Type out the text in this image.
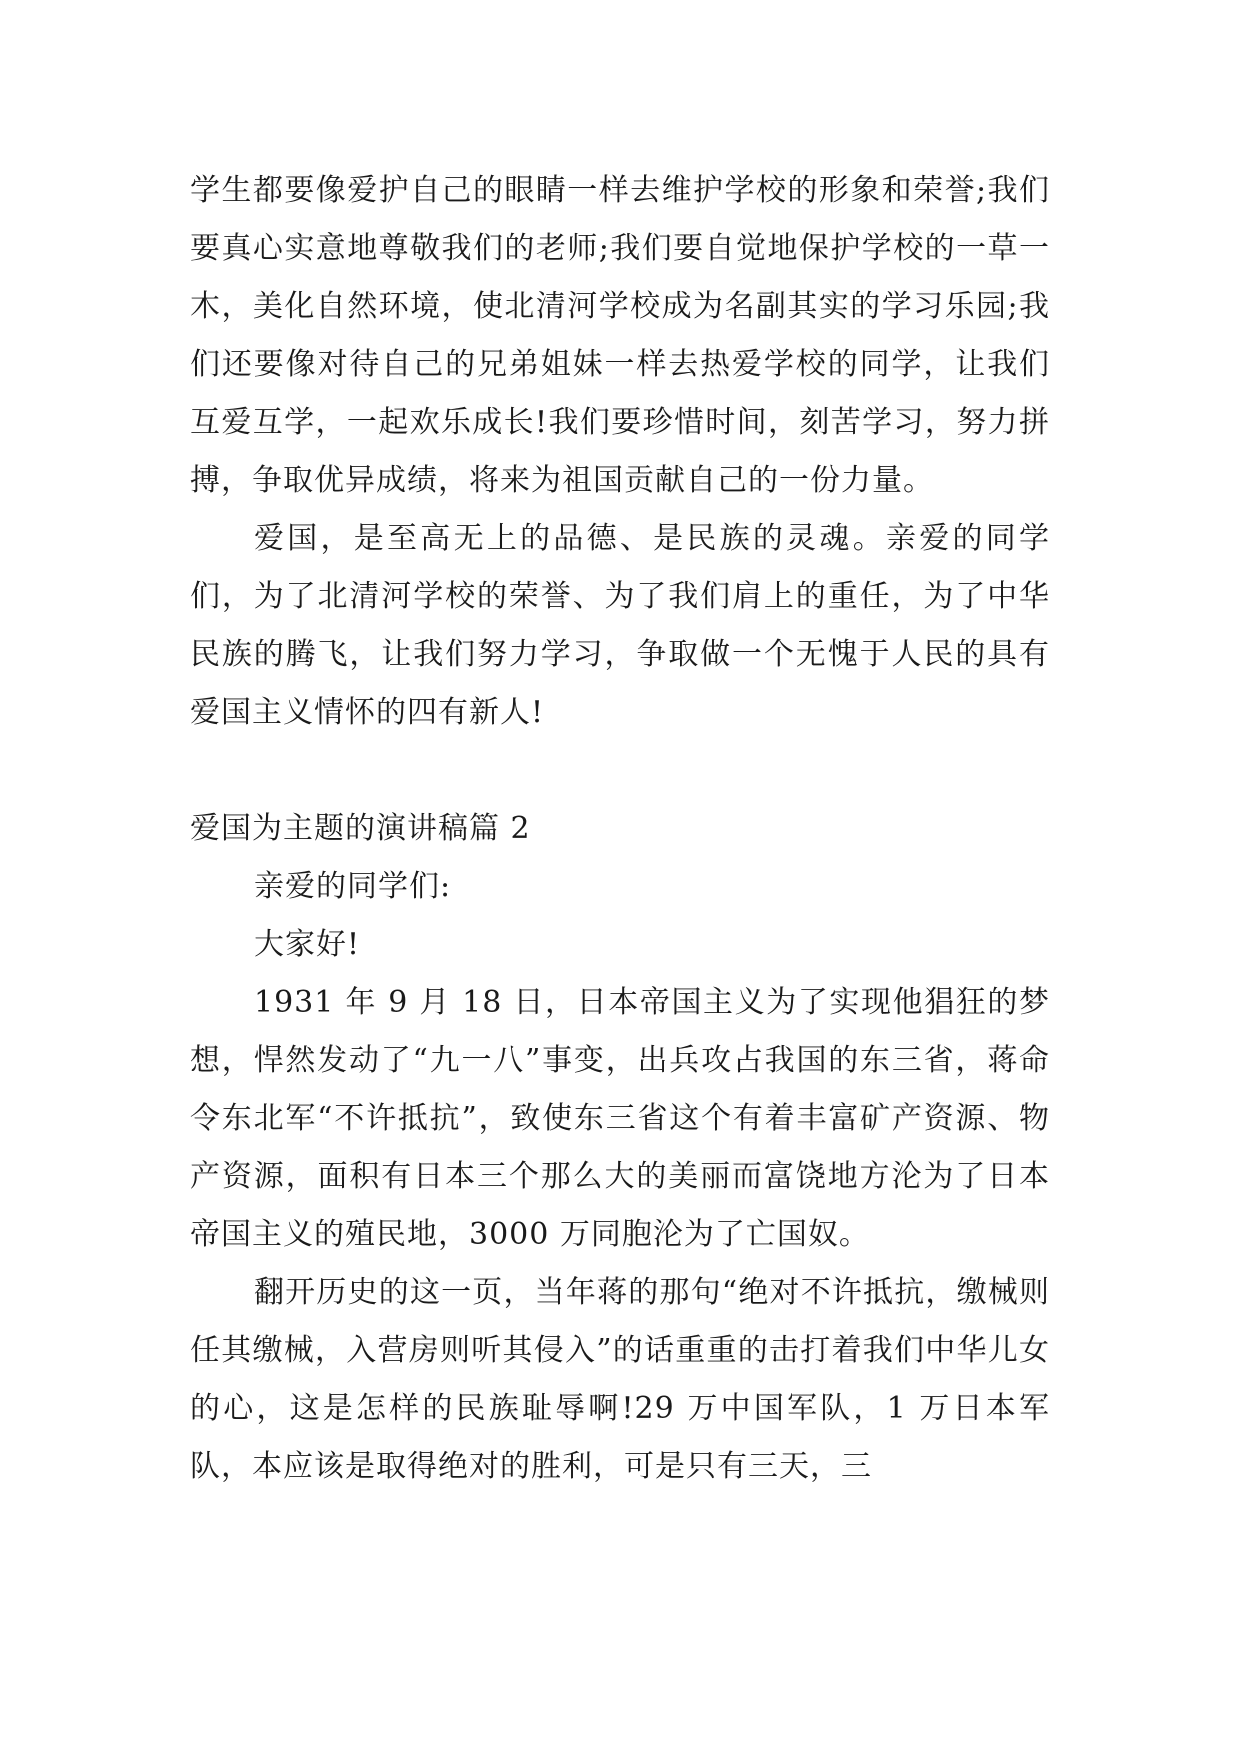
学生都要像爱护自己的眼睛一样去维护学校的形象和荣誉;我们要真心实意地尊敬我们的老师;我们要自觉地保护学校的一草一木，美化自然环境，使北清河学校成为名副其实的学习乐园;我们还要像对待自己的兄弟姐妹一样去热爱学校的同学，让我们互爱互学，一起欢乐成长!我们要珍惜时间，刻苦学习，努力拼搏，争取优异成绩，将来为祖国贡献自己的一份力量。

爱国，是至高无上的品德、是民族的灵魂。亲爱的同学们，为了北清河学校的荣誉、为了我们肩上的重任，为了中华民族的腾飞，让我们努力学习，争取做一个无愧于人民的具有爱国主义情怀的四有新人!

爱国为主题的演讲稿篇 2

亲爱的同学们:

大家好!

1931 年 9 月 18 日，日本帝国主义为了实现他猖狂的梦想，悍然发动了“九一八”事变，出兵攻占我国的东三省，蒋命令东北军“不许抵抗”，致使东三省这个有着丰富矿产资源、物产资源，面积有日本三个那么大的美丽而富饶地方沦为了日本帝国主义的殖民地，3000 万同胞沦为了亡国奴。

翻开历史的这一页，当年蒋的那句“绝对不许抵抗，缴械则任其缴械，入营房则听其侵入”的话重重的击打着我们中华儿女的心，这是怎样的民族耻辱啊!29 万中国军队，1 万日本军队，本应该是取得绝对的胜利，可是只有三天，三
